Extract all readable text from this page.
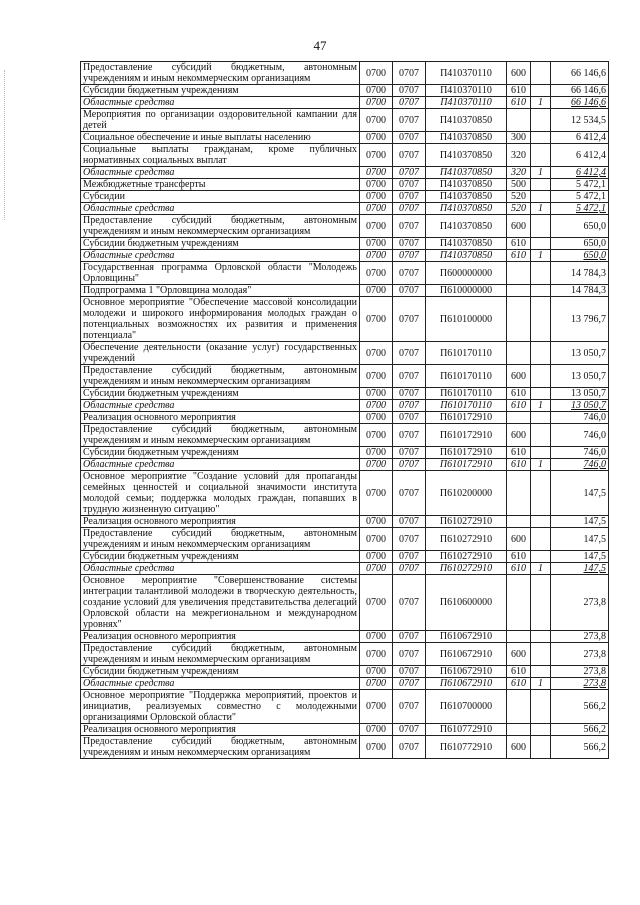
47
Предоставление субсидий бюджетным, автономным учреждениям и иным некоммерческим организациям	0700	0707	П410370110	600		66 146,6
Субсидии бюджетным учреждениям	0700	0707	П410370110	610		66 146,6
Областные средства	0700	0707	П410370110	610	1	66 146,6
Мероприятия по организации оздоровительной кампании для детей	0700	0707	П410370850			12 534,5
Социальное обеспечение и иные выплаты населению	0700	0707	П410370850	300		6 412,4
Социальные выплаты гражданам, кроме публичных нормативных социальных выплат	0700	0707	П410370850	320		6 412,4
Областные средства	0700	0707	П410370850	320	1	6 412,4
Межбюджетные трансферты	0700	0707	П410370850	500		5 472,1
Субсидии	0700	0707	П410370850	520		5 472,1
Областные средства	0700	0707	П410370850	520	1	5 472,1
Предоставление субсидий бюджетным, автономным учреждениям и иным некоммерческим организациям	0700	0707	П410370850	600		650,0
Субсидии бюджетным учреждениям	0700	0707	П410370850	610		650,0
Областные средства	0700	0707	П410370850	610	1	650,0
Государственная программа Орловской области "Молодежь Орловщины"	0700	0707	П600000000			14 784,3
Подпрограмма 1 "Орловщина молодая"	0700	0707	П610000000			14 784,3
Основное мероприятие "Обеспечение массовой консолидации молодежи и широкого информирования молодых граждан о потенциальных возможностях их развития и применения потенциала"	0700	0707	П610100000			13 796,7
Обеспечение деятельности (оказание услуг) государственных учреждений	0700	0707	П610170110			13 050,7
Предоставление субсидий бюджетным, автономным учреждениям и иным некоммерческим организациям	0700	0707	П610170110	600		13 050,7
Субсидии бюджетным учреждениям	0700	0707	П610170110	610		13 050,7
Областные средства	0700	0707	П610170110	610	1	13 050,7
Реализация основного мероприятия	0700	0707	П610172910			746,0
Предоставление субсидий бюджетным, автономным учреждениям и иным некоммерческим организациям	0700	0707	П610172910	600		746,0
Субсидии бюджетным учреждениям	0700	0707	П610172910	610		746,0
Областные средства	0700	0707	П610172910	610	1	746,0
Основное мероприятие "Создание условий для пропаганды семейных ценностей и социальной значимости института молодой семьи; поддержка молодых граждан, попавших в трудную жизненную ситуацию"	0700	0707	П610200000			147,5
Реализация основного мероприятия	0700	0707	П610272910			147,5
Предоставление субсидий бюджетным, автономным учреждениям и иным некоммерческим организациям	0700	0707	П610272910	600		147,5
Субсидии бюджетным учреждениям	0700	0707	П610272910	610		147,5
Областные средства	0700	0707	П610272910	610	1	147,5
Основное мероприятие "Совершенствование системы интеграции талантливой молодежи в творческую деятельность, создание условий для увеличения представительства делегаций Орловской области на межрегиональном и международном уровнях"	0700	0707	П610600000			273,8
Реализация основного мероприятия	0700	0707	П610672910			273,8
Предоставление субсидий бюджетным, автономным учреждениям и иным некоммерческим организациям	0700	0707	П610672910	600		273,8
Субсидии бюджетным учреждениям	0700	0707	П610672910	610		273,8
Областные средства	0700	0707	П610672910	610	1	273,8
Основное мероприятие "Поддержка мероприятий, проектов и инициатив, реализуемых совместно с молодежными организациями Орловской области"	0700	0707	П610700000			566,2
Реализация основного мероприятия	0700	0707	П610772910			566,2
Предоставление субсидий бюджетным, автономным учреждениям и иным некоммерческим организациям	0700	0707	П610772910	600		566,2
